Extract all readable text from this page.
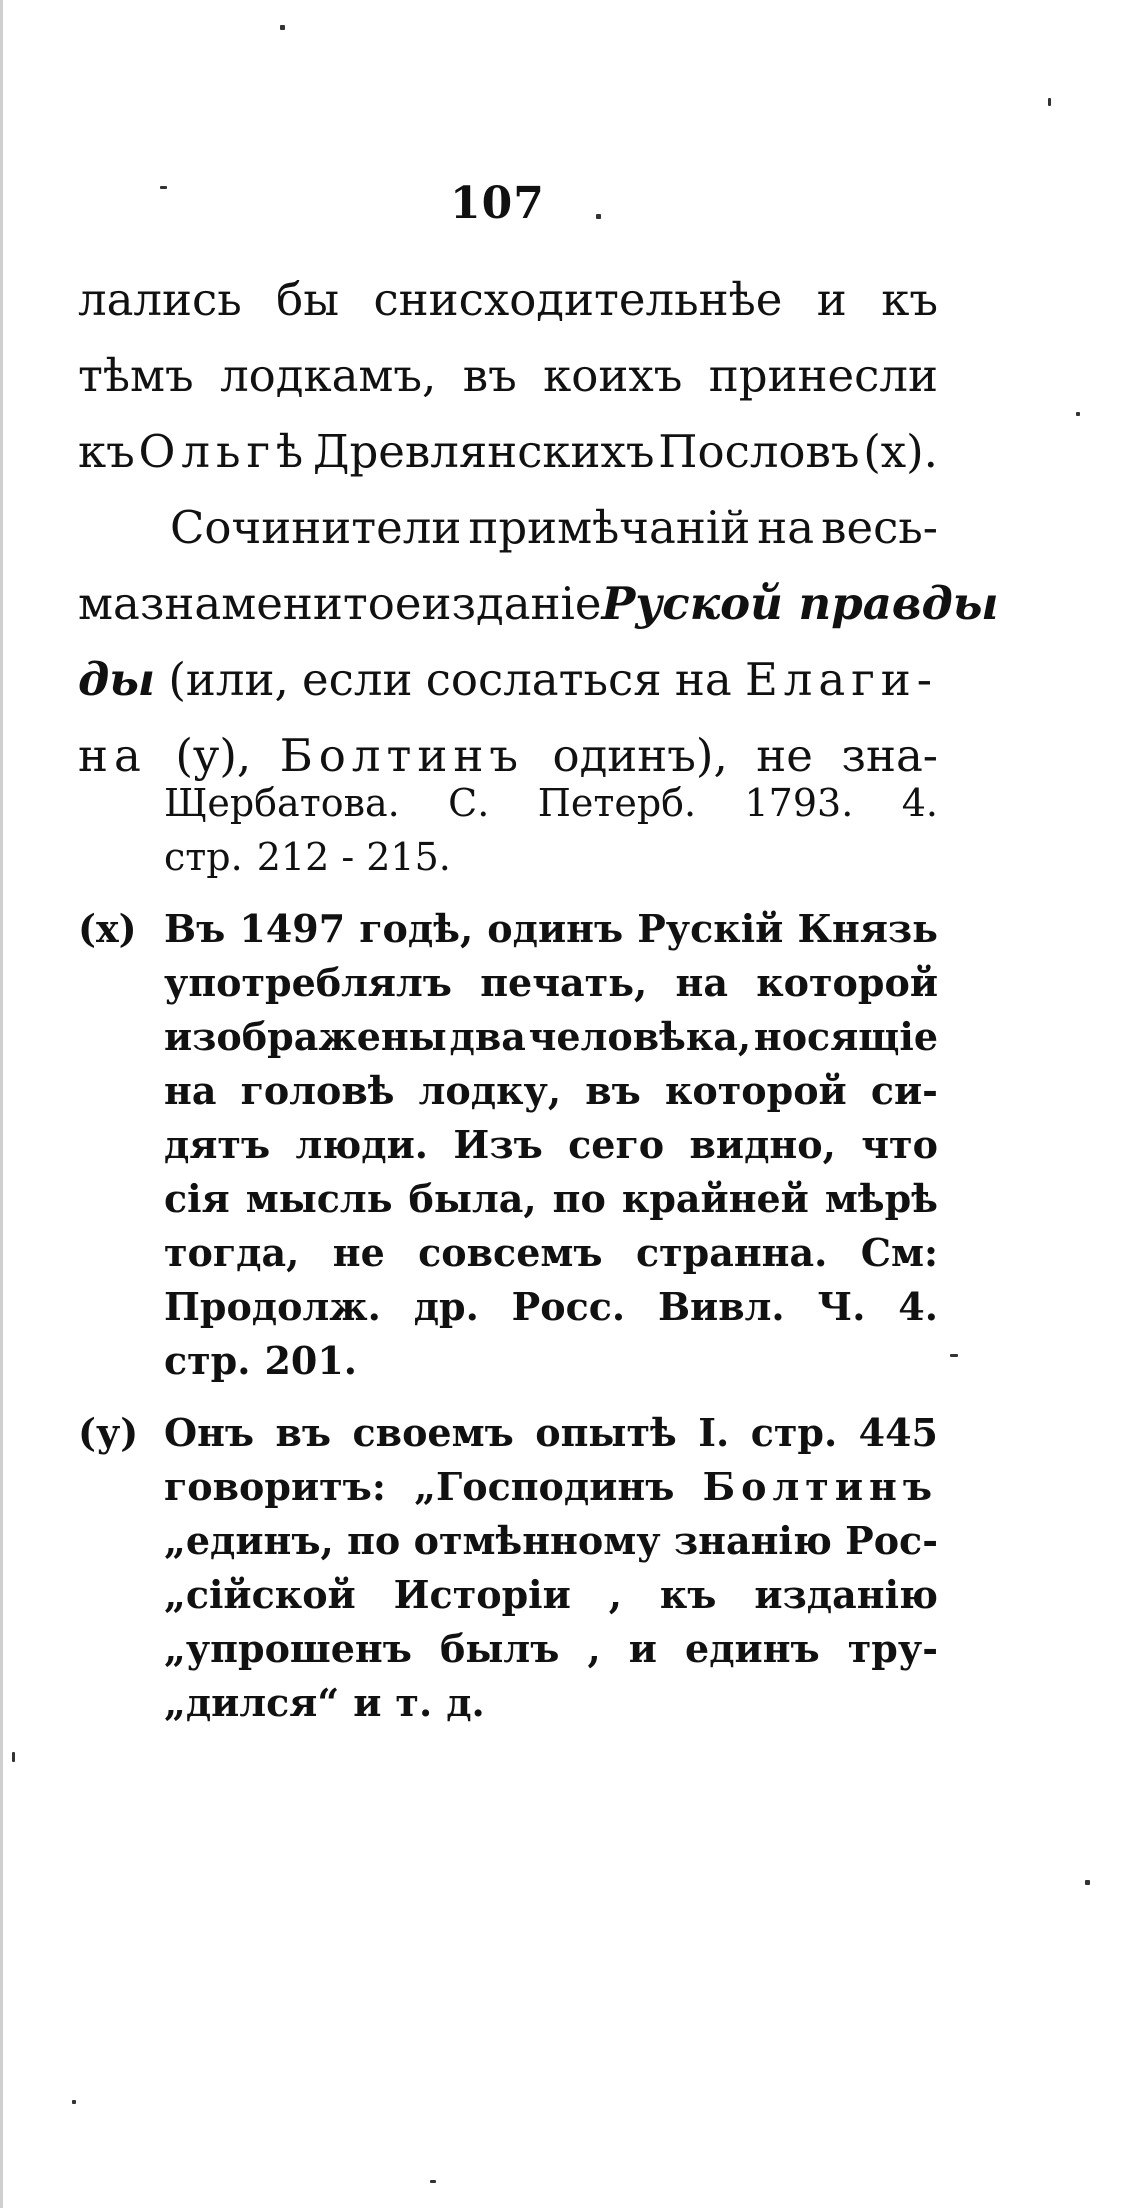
107
лались бы снисходительнѣе и къ
тѣмъ лодкамъ, въ коихъ принесли
къ Ольгѣ Древлянскихъ Пословъ (х).
Сочинители примѣчаній на весь-
ма знаменитое изданіе Руской правды
ды (или, если сослаться на Елаги-
на (у), Болтинъ одинъ), не зна-
Щербатова. С. Петерб. 1793. 4.
стр. 212 - 215.
(х) Въ 1497 годѣ, одинъ Рускій Князь
употреблялъ печать, на которой
изображены два человѣка, носящіе
на головѣ лодку, въ которой си-
дятъ люди. Изъ сего видно, что
сія мысль была, по крайней мѣрѣ
тогда, не совсемъ странна. См:
Продолж. др. Росс. Вивл. Ч. 4.
стр. 201.
(у) Онъ въ своемъ опытѣ I. стр. 445
говоритъ: „Господинъ Болтинъ
„единъ, по отмѣнному знанію Рос-
„сійской Исторіи , къ изданію
„упрошенъ былъ , и единъ тру-
„дился“ и т. д.
